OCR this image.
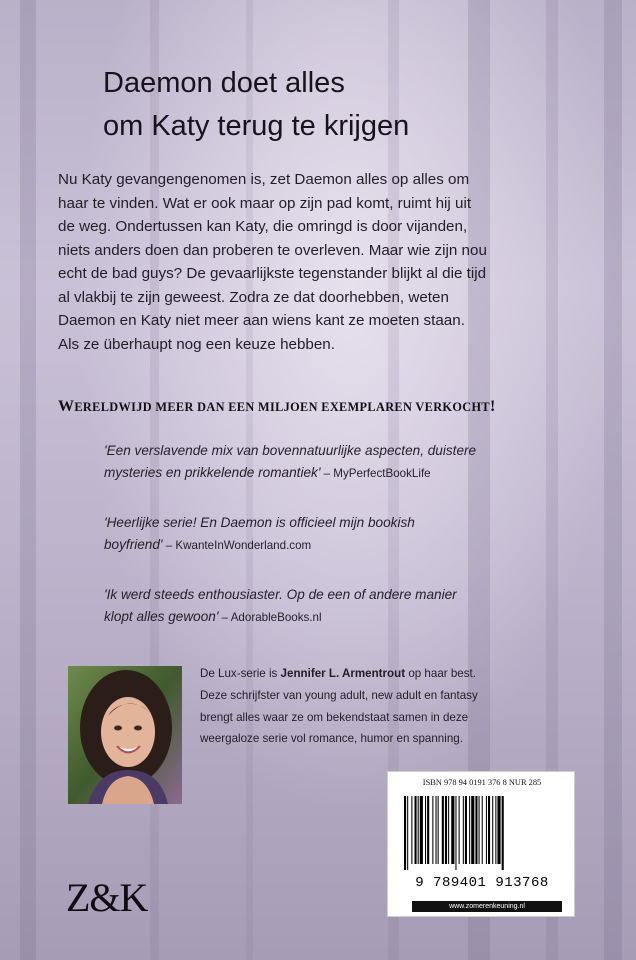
Daemon doet alles
om Katy terug te krijgen
Nu Katy gevangengenomen is, zet Daemon alles op alles om
haar te vinden. Wat er ook maar op zijn pad komt, ruimt hij uit
de weg. Ondertussen kan Katy, die omringd is door vijanden,
niets anders doen dan proberen te overleven. Maar wie zijn nou
echt de bad guys? De gevaarlijkste tegenstander blijkt al die tijd
al vlakbij te zijn geweest. Zodra ze dat doorhebben, weten
Daemon en Katy niet meer aan wiens kant ze moeten staan.
Als ze überhaupt nog een keuze hebben.
WERELDWIJD MEER DAN EEN MILJOEN EXEMPLAREN VERKOCHT!
'Een verslavende mix van bovennatuurlijke aspecten, duistere
mysteries en prikkelende romantiek' – MyPerfectBookLife
'Heerlijke serie! En Daemon is officieel mijn bookish
boyfriend' – KwanteInWonderland.com
'Ik werd steeds enthousiaster. Op de een of andere manier
klopt alles gewoon' – AdorableBooks.nl
De Lux-serie is Jennifer L. Armentrout op haar best.
Deze schrijfster van young adult, new adult en fantasy
brengt alles waar ze om bekendstaat samen in deze
weergaloze serie vol romance, humor en spanning.
ISBN 978 94 0191 376 8 NUR 285
9 789401 913768
www.zomerenkeuning.nl
Z&K
